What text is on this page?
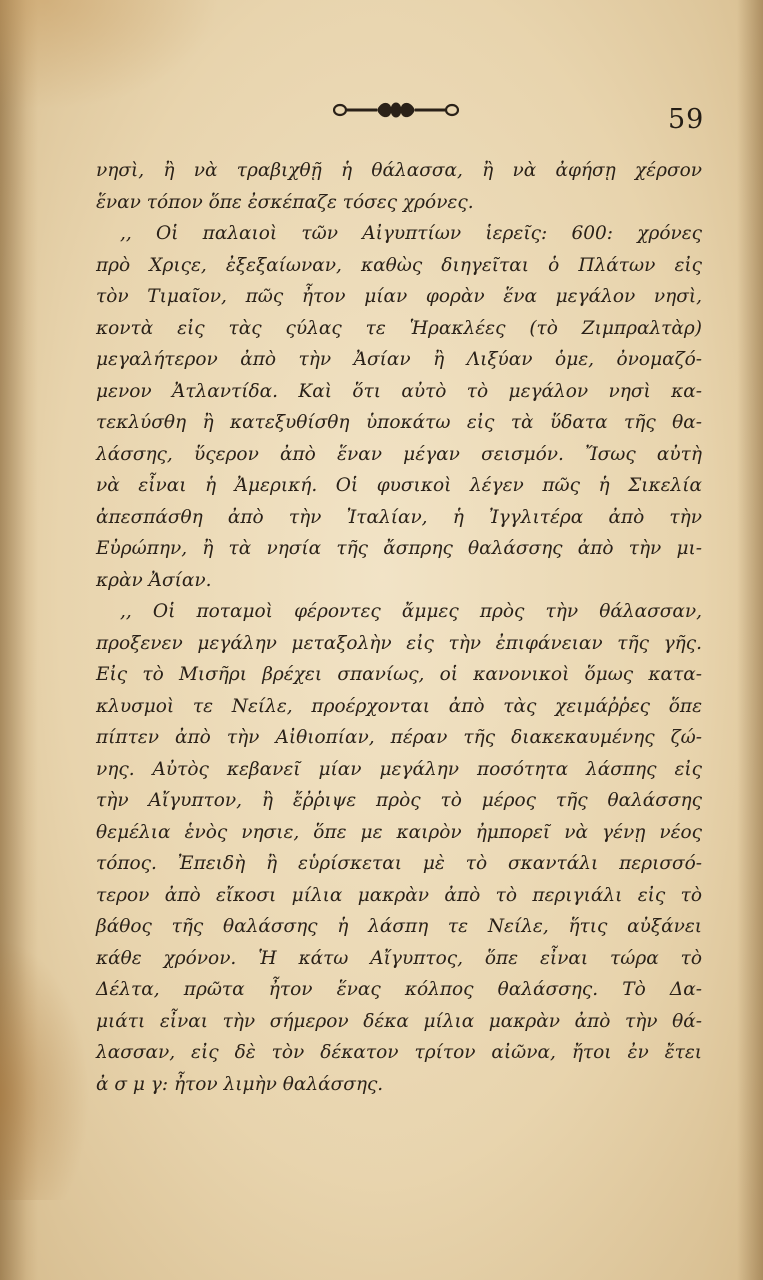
59
νησὶ, ἢ νὰ τραβιχθῇ ἡ θάλασσα, ἢ νὰ ἀφήσῃ χέρσον
ἕναν τόπον ὅπε ἐσκέπαζε τόσες χρόνες.
,, Οἱ παλαιοὶ τῶν Αἰγυπτίων ἱερεῖς: 600: χρόνες
πρὸ Χριςε, ἐξεξαίωναν, καθὼς διηγεῖται ὁ Πλάτων εἰς
τὸν Τιμαῖον, πῶς ἦτον μίαν φορὰν ἕνα μεγάλον νησὶ,
κοντὰ εἰς τὰς ςύλας τε Ἡρακλέες (τὸ Ζιμπραλτὰρ)
μεγαλήτερον ἀπὸ τὴν Ἀσίαν ἢ Λιξύαν ὁμε, ὀνομαζό-
μενον Ἀτλαντίδα. Καὶ ὅτι αὐτὸ τὸ μεγάλον νησὶ κα-
τεκλύσθη ἢ κατεξυθίσθη ὑποκάτω εἰς τὰ ὕδατα τῆς θα-
λάσσης, ὕςερον ἀπὸ ἕναν μέγαν σεισμόν. Ἴσως αὐτὴ
νὰ εἶναι ἡ Ἀμερική. Οἱ φυσικοὶ λέγεν πῶς ἡ Σικελία
ἀπεσπάσθη ἀπὸ τὴν Ἰταλίαν, ἡ Ἰγγλιτέρα ἀπὸ τὴν
Εὐρώπην, ἢ τὰ νησία τῆς ἄσπρης θαλάσσης ἀπὸ τὴν μι-
κρὰν Ἀσίαν.
,, Οἱ ποταμοὶ φέροντες ἄμμες πρὸς τὴν θάλασσαν,
προξενεν μεγάλην μεταξολὴν εἰς τὴν ἐπιφάνειαν τῆς γῆς.
Εἰς τὸ Μισῆρι βρέχει σπανίως, οἱ κανονικοὶ ὅμως κατα-
κλυσμοὶ τε Νείλε, προέρχονται ἀπὸ τὰς χειμάῤῥες ὅπε
πίπτεν ἀπὸ τὴν Αἰθιοπίαν, πέραν τῆς διακεκαυμένης ζώ-
νης. Αὐτὸς κεβανεῖ μίαν μεγάλην ποσότητα λάσπης εἰς
τὴν Αἴγυπτον, ἢ ἔῤῥιψε πρὸς τὸ μέρος τῆς θαλάσσης
θεμέλια ἑνὸς νησιε, ὅπε με καιρὸν ἠμπορεῖ νὰ γένῃ νέος
τόπος. Ἐπειδὴ ἢ εὑρίσκεται μὲ τὸ σκαντάλι περισσό-
τερον ἀπὸ εἴκοσι μίλια μακρὰν ἀπὸ τὸ περιγιάλι εἰς τὸ
βάθος τῆς θαλάσσης ἡ λάσπη τε Νείλε, ἥτις αὐξάνει
κάθε χρόνον. Ἡ κάτω Αἴγυπτος, ὅπε εἶναι τώρα τὸ
Δέλτα, πρῶτα ἦτον ἕνας κόλπος θαλάσσης. Τὸ Δα-
μιάτι εἶναι τὴν σήμερον δέκα μίλια μακρὰν ἀπὸ τὴν θά-
λασσαν, εἰς δὲ τὸν δέκατον τρίτον αἰῶνα, ἤτοι ἐν ἔτει
ἀ σ μ γ: ἦτον λιμὴν θαλάσσης.
